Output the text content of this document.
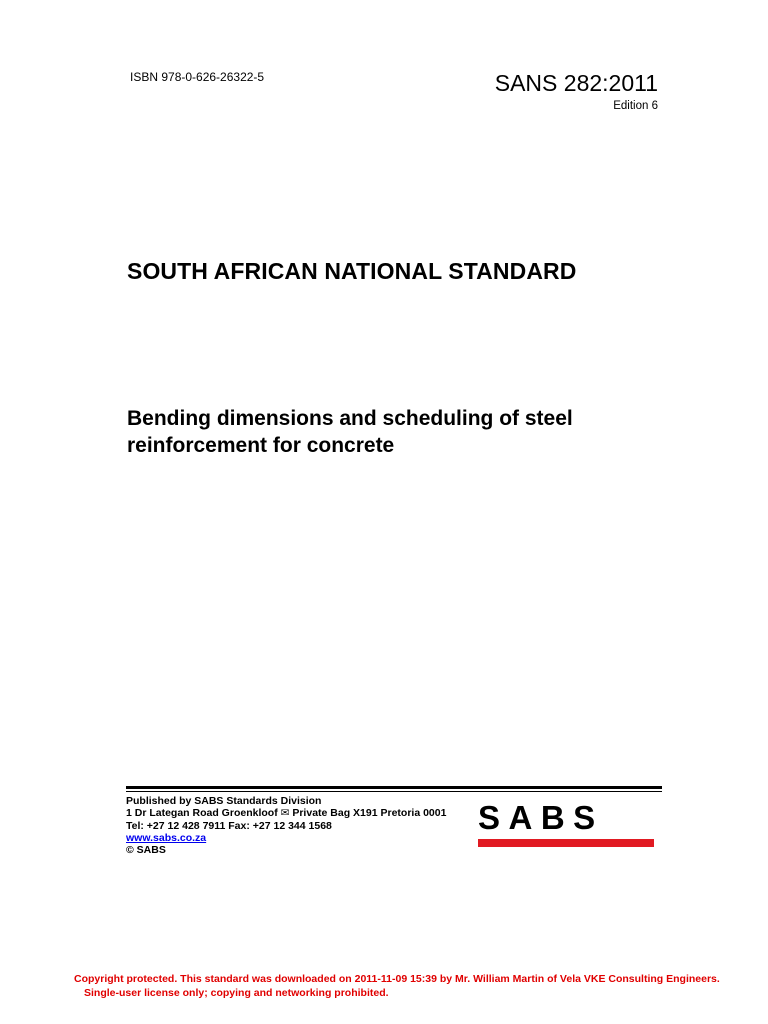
ISBN 978-0-626-26322-5	SANS 282:2011
Edition 6
SOUTH AFRICAN NATIONAL STANDARD
Bending dimensions and scheduling of steel reinforcement for concrete
Published by SABS Standards Division
1 Dr Lategan Road Groenkloof ✉ Private Bag X191 Pretoria 0001
Tel: +27 12 428 7911 Fax: +27 12 344 1568
www.sabs.co.za
© SABS
SABS
Copyright protected. This standard was downloaded on 2011-11-09 15:39 by Mr. William Martin of Vela VKE Consulting Engineers.
Single-user license only; copying and networking prohibited.
